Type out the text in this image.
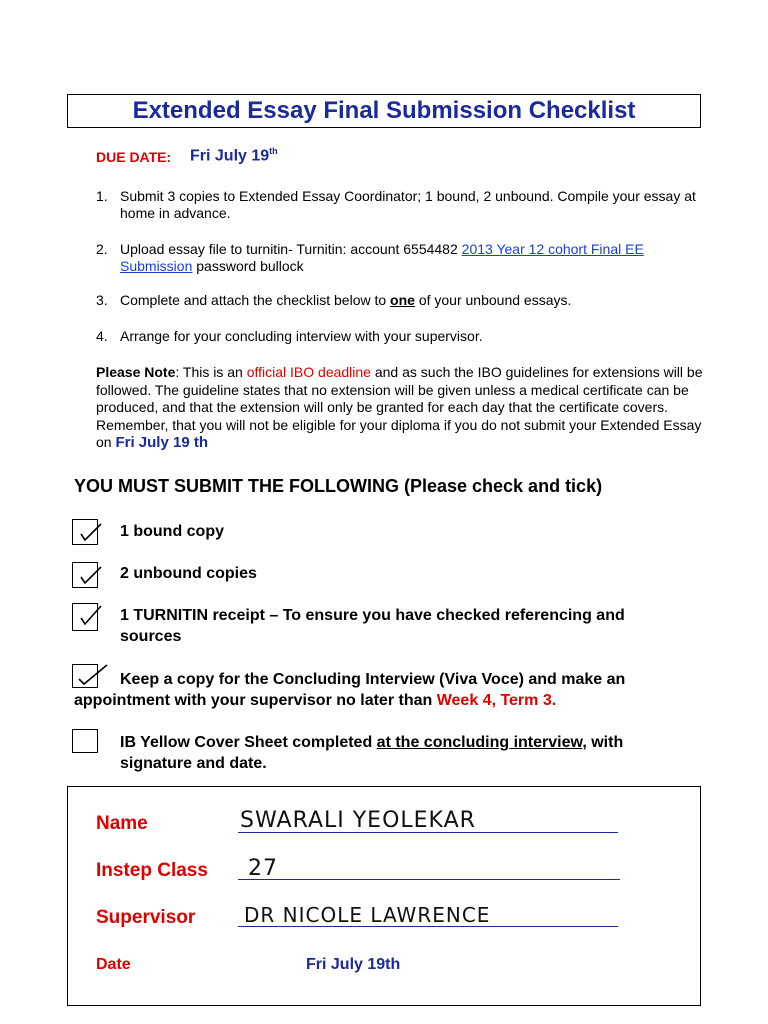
Extended Essay Final Submission Checklist
DUE DATE: Fri July 19th
1. Submit 3 copies to Extended Essay Coordinator; 1 bound, 2 unbound. Compile your essay at home in advance.
2. Upload essay file to turnitin- Turnitin: account 6554482 2013 Year 12 cohort Final EE Submission password bullock
3. Complete and attach the checklist below to one of your unbound essays.
4. Arrange for your concluding interview with your supervisor.
Please Note: This is an official IBO deadline and as such the IBO guidelines for extensions will be followed. The guideline states that no extension will be given unless a medical certificate can be produced, and that the extension will only be granted for each day that the certificate covers. Remember, that you will not be eligible for your diploma if you do not submit your Extended Essay on Fri July 19 th
YOU MUST SUBMIT THE FOLLOWING (Please check and tick)
1 bound copy
2 unbound copies
1 TURNITIN receipt – To ensure you have checked referencing and sources
Keep a copy for the Concluding Interview (Viva Voce) and make an appointment with your supervisor no later than Week 4, Term 3.
IB Yellow Cover Sheet completed at the concluding interview, with signature and date.
Name	SWARALI YEOLEKAR
Instep Class 27
Supervisor DR NICOLE LAWRENCE
Date	Fri July 19th
